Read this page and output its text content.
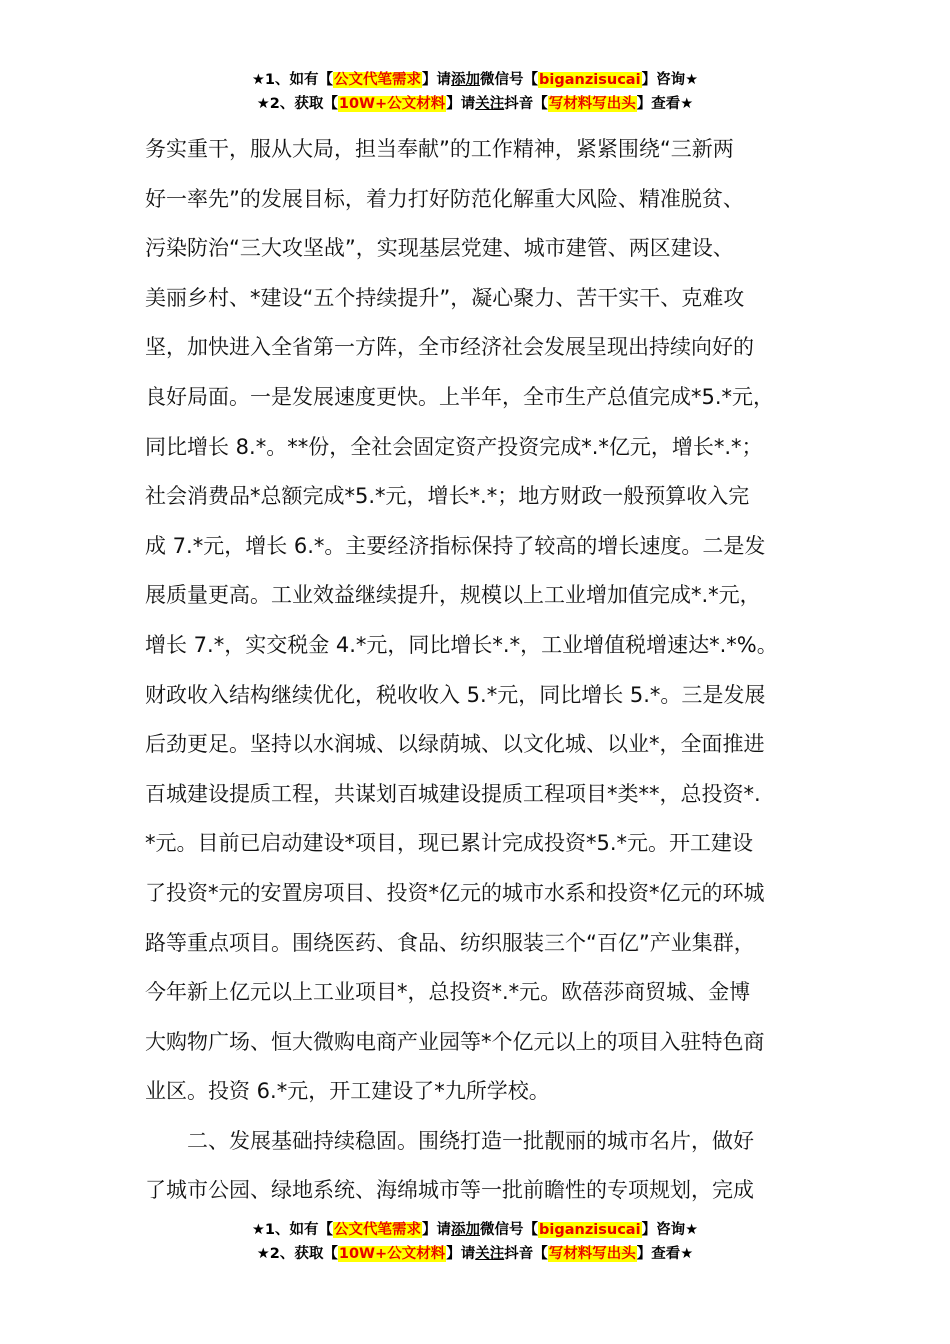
★1、如有【公文代笔需求】请添加微信号【biganzisucai】咨询★
★2、获取【10W+公文材料】请关注抖音【写材料写出头】查看★

务实重干，服从大局，担当奉献”的工作精神，紧紧围绕“三新两
好一率先”的发展目标，着力打好防范化解重大风险、精准脱贫、
污染防治“三大攻坚战”，实现基层党建、城市建管、两区建设、
美丽乡村、*建设“五个持续提升”，凝心聚力、苦干实干、克难攻
坚，加快进入全省第一方阵，全市经济社会发展呈现出持续向好的
良好局面。一是发展速度更快。上半年，全市生产总值完成*5.*元，
同比增长 8.*。**份，全社会固定资产投资完成*.*亿元，增长*.*；
社会消费品*总额完成*5.*元，增长*.*；地方财政一般预算收入完
成 7.*元，增长 6.*。主要经济指标保持了较高的增长速度。二是发
展质量更高。工业效益继续提升，规模以上工业增加值完成*.*元，
增长 7.*，实交税金 4.*元，同比增长*.*，工业增值税增速达*.*%。
财政收入结构继续优化，税收收入 5.*元，同比增长 5.*。三是发展
后劲更足。坚持以水润城、以绿荫城、以文化城、以业*，全面推进
百城建设提质工程，共谋划百城建设提质工程项目*类**，总投资*.
*元。目前已启动建设*项目，现已累计完成投资*5.*元。开工建设
了投资*元的安置房项目、投资*亿元的城市水系和投资*亿元的环城
路等重点项目。围绕医药、食品、纺织服装三个“百亿”产业集群，
今年新上亿元以上工业项目*，总投资*.*元。欧蓓莎商贸城、金博
大购物广场、恒大微购电商产业园等*个亿元以上的项目入驻特色商
业区。投资 6.*元，开工建设了*九所学校。

二、发展基础持续稳固。围绕打造一批靓丽的城市名片，做好
了城市公园、绿地系统、海绵城市等一批前瞻性的专项规划，完成

★1、如有【公文代笔需求】请添加微信号【biganzisucai】咨询★
★2、获取【10W+公文材料】请关注抖音【写材料写出头】查看★
